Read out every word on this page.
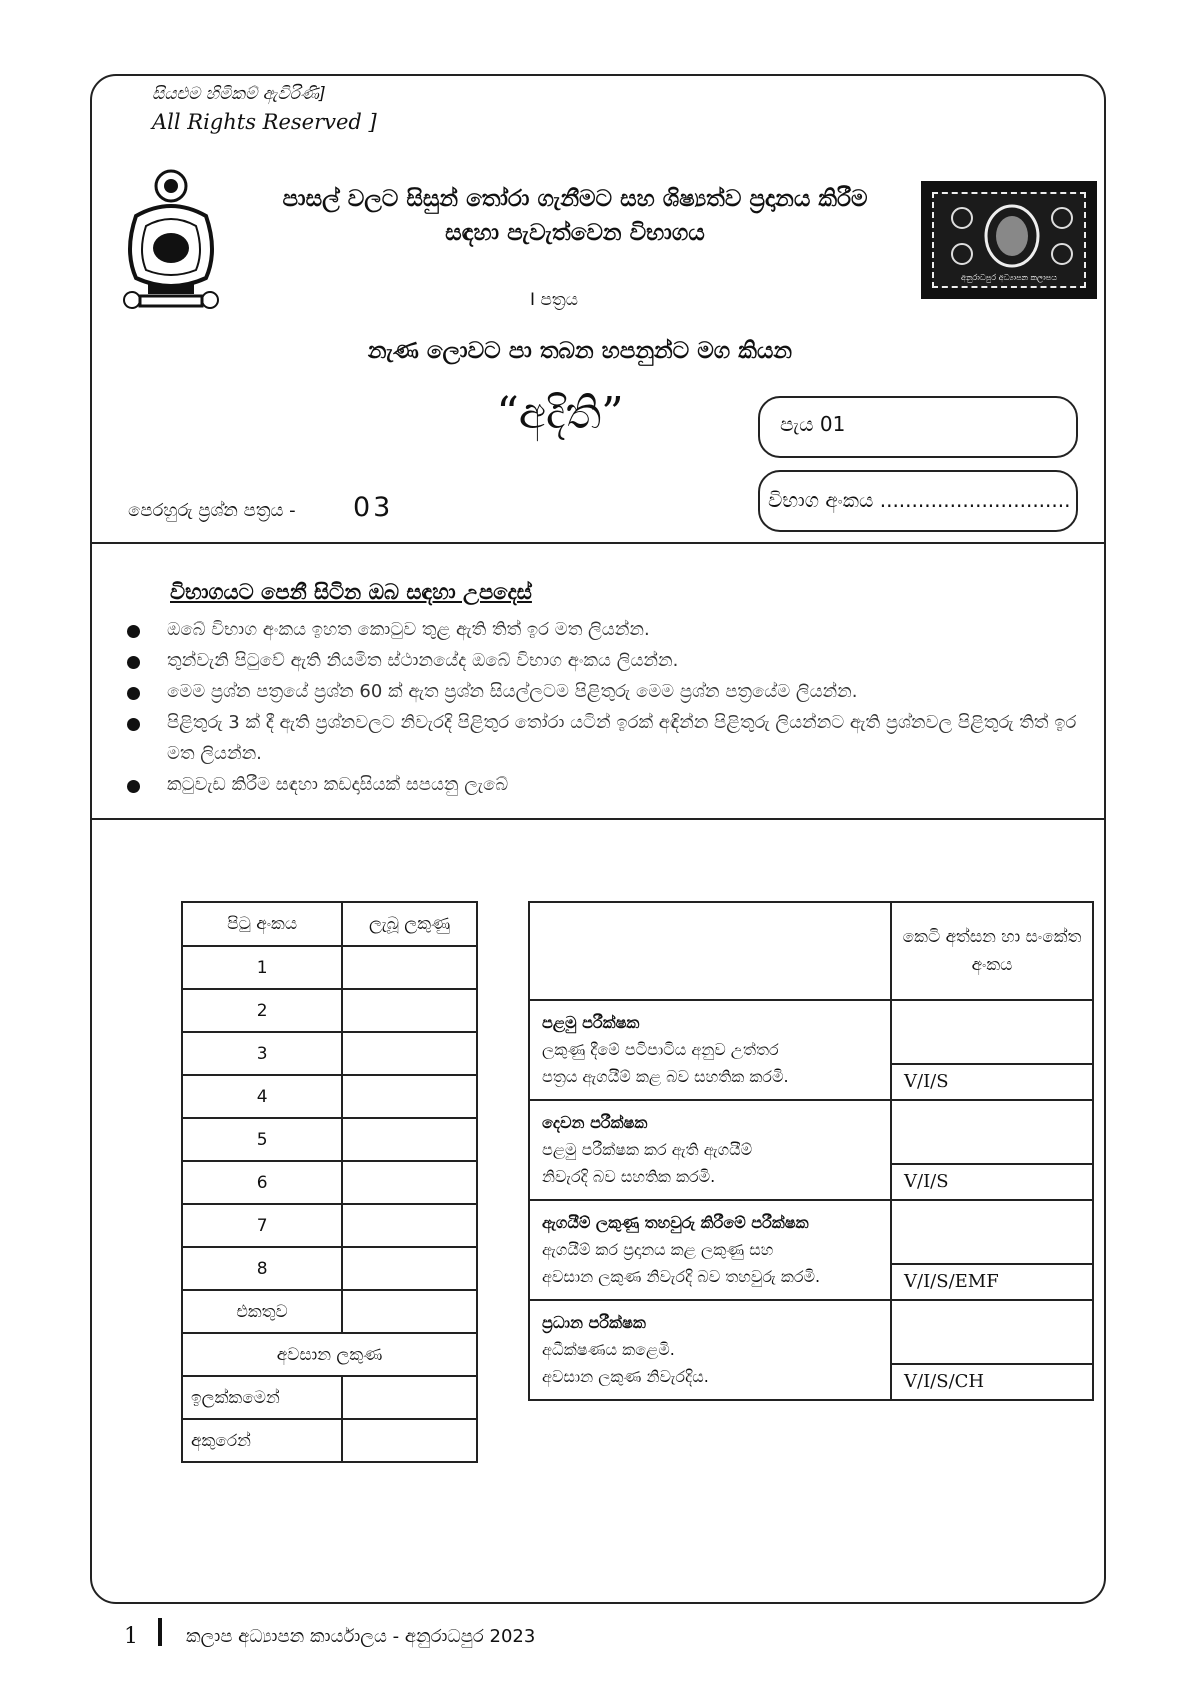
සියළුම හිමිකම් ඇවිරිණි]
All Rights Reserved ]
පාසල් වලට සිසුන් තෝරා ගැනීමට සහ ශිෂ්‍යත්ව ප්‍රදානය කිරීම
සඳහා පැවැත්වෙන විභාගය
අනුරාධපුර අධ්‍යාපන කලාපය
I පත්‍රය
නැණ ලොවට පා තබන හපනුන්ට මග කියන
“අදිති”	පැය 01
විභාග අංකය ..............................
පෙරහුරු ප්‍රශ්න පත්‍රය - 03
විභාගයට පෙනී සිටින ඔබ සඳහා උපදෙස්
ඔබේ විභාග අංකය ඉහත කොටුව තුළ ඇති තිත් ඉර මත ලියන්න.
තුන්වැනි පිටුවේ ඇති නියමිත ස්ථානයේද ඔබේ විභාග අංකය ලියන්න.
මෙම ප්‍රශ්න පත්‍රයේ ප්‍රශ්න 60 ක් ඇත ප්‍රශ්න සියල්ලටම පිළිතුරු මෙම ප්‍රශ්න පත්‍රයේම ලියන්න.
පිළිතුරු 3 ක් දී ඇති ප්‍රශ්නවලට නිවැරදි පිළිතුර තෝරා යටින් ඉරක් අඳින්න පිළිතුරු ලියන්නට ඇති ප්‍රශ්නවල පිළිතුරු තිත් ඉර මත ලියන්න.
කටුවැඩ කිරීම සඳහා කඩදාසියක් සපයනු ලැබේ
පිටු අංකය	ලැබූ ලකුණු
1	
2	
3	
4	
5	
6	
7	
8	
එකතුව	
අවසාන ලකුණ	
ඉලක්කමෙන්	
අකුරෙන්	
	කෙටි අත්සන හා සංකේත අංකය

පළමු පරීක්ෂක
ලකුණු දීමේ පටිපාටිය අනුව උත්තර
පත්‍රය ඇගයීම් කළ බව සහතික කරමි.	
	V/I/S

දෙවන පරීක්ෂක
පළමු පරීක්ෂක කර ඇති ඇගයීම්
නිවැරදි බව සහතික කරමි.	
	V/I/S

ඇගයීම් ලකුණු තහවුරු කිරීමේ පරීක්ෂක
ඇගයීම් කර ප්‍රදානය කළ ලකුණු සහ
අවසාන ලකුණ නිවැරදි බව තහවුරු කරමි.	
	V/I/S/EMF

ප්‍රධාන පරීක්ෂක
අධීක්ෂණය කළෙමි.
අවසාන ලකුණ නිවැරදිය.	
	V/I/S/CH
1	කලාප අධ්‍යාපන කාර්යාලය - අනුරාධපුර 2023
